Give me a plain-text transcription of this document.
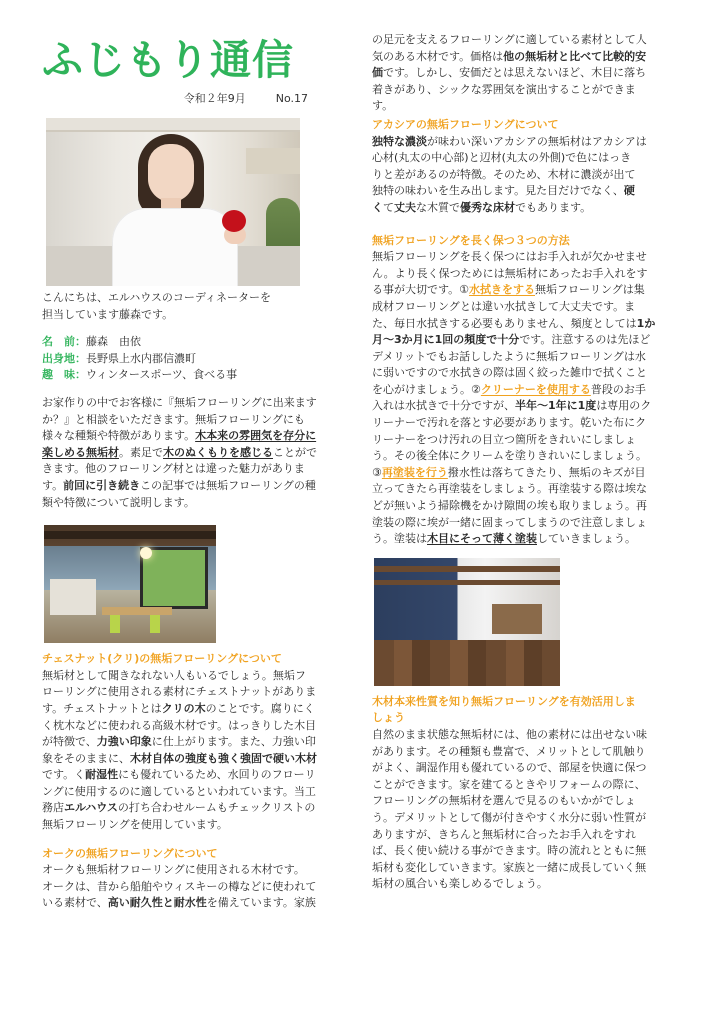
ふじもり通信
令和２年9月	No.17
こんにちは、エルハウスのコーディネーターを
担当しています藤森です。
名　前：藤森　由依
出身地：長野県上水内郡信濃町
趣　味：ウィンタースポーツ、食べる事
お家作りの中でお客様に『無垢フローリングに出来ます
か？』と相談をいただきます。無垢フローリングにも
様々な種類や特徴があります。木本来の雰囲気を存分に
楽しめる無垢材。素足で木のぬくもりを感じることがで
きます。他のフローリング材とは違った魅力がありま
す。前回に引き続きこの記事では無垢フローリングの種
類や特徴について説明します。
チェスナット(クリ)の無垢フローリングについて
無垢材として聞きなれない人もいるでしょう。無垢フ
ローリングに使用される素材にチェストナットがありま
す。チェストナットとはクリの木のことです。腐りにく
く枕木などに使われる高級木材です。はっきりした木目
が特徴で、力強い印象に仕上がります。また、力強い印
象をそのままに、木材自体の強度も強く強固で硬い木材
です。く耐湿性にも優れているため、水回りのフローリ
ングに使用するのに適しているといわれています。当工
務店エルハウスの打ち合わせルームもチェックリストの
無垢フローリングを使用しています。
オークの無垢フローリングについて
オークも無垢材フローリングに使用される木材です。
オークは、昔から船舶やウィスキーの樽などに使われて
いる素材で、高い耐久性と耐水性を備えています。家族
の足元を支えるフローリングに適している素材として人
気のある木材です。価格は他の無垢材と比べて比較的安
価です。しかし、安価だとは思えないほど、木目に落ち
着きがあり、シックな雰囲気を演出することができま
す。
アカシアの無垢フローリングについて
独特な濃淡が味わい深いアカシアの無垢材はアカシアは
心材(丸太の中心部)と辺材(丸太の外側)で色にはっき
りと差があるのが特徴。そのため、木材に濃淡が出て
独特の味わいを生み出します。見た目だけでなく、硬
くて丈夫な木質で優秀な床材でもあります。
無垢フローリングを長く保つ３つの方法
無垢フローリングを長く保つにはお手入れが欠かせませ
ん。より長く保つためには無垢材にあったお手入れをす
る事が大切です。①水拭きをする無垢フローリングは集
成材フローリングとは違い水拭きして大丈夫です。ま
た、毎日水拭きする必要もありません、頻度としては1か
月～3か月に1回の頻度で十分です。注意するのは先ほど
デメリットでもお話ししたように無垢フローリングは水
に弱いですので水拭きの際は固く絞った雑巾で拭くこと
を心がけましょう。②クリーナーを使用する普段のお手
入れは水拭きで十分ですが、半年～1年に1度は専用のク
リーナーで汚れを落とす必要があります。乾いた布にク
リーナーをつけ汚れの目立つ箇所をきれいにしましょ
う。その後全体にクリームを塗りきれいにしましょう。
③再塗装を行う撥水性は落ちてきたり、無垢のキズが目
立ってきたら再塗装をしましょう。再塗装する際は埃な
どが無いよう掃除機をかけ隙間の埃も取りましょう。再
塗装の際に埃が一緒に固まってしまうので注意しましょ
う。塗装は木目にそって薄く塗装していきましょう。
木材本来性質を知り無垢フローリングを有効活用しま
しょう
自然のまま状態な無垢材には、他の素材には出せない味
があります。その種類も豊富で、メリットとして肌触り
がよく、調湿作用も優れているので、部屋を快適に保つ
ことができます。家を建てるときやリフォームの際に、
フローリングの無垢材を選んで見るのもいかがでしょ
う。デメリットとして傷が付きやすく水分に弱い性質が
ありますが、きちんと無垢材に合ったお手入れをすれ
ば、長く使い続ける事ができます。時の流れとともに無
垢材も変化していきます。家族と一緒に成長していく無
垢材の風合いも楽しめるでしょう。
